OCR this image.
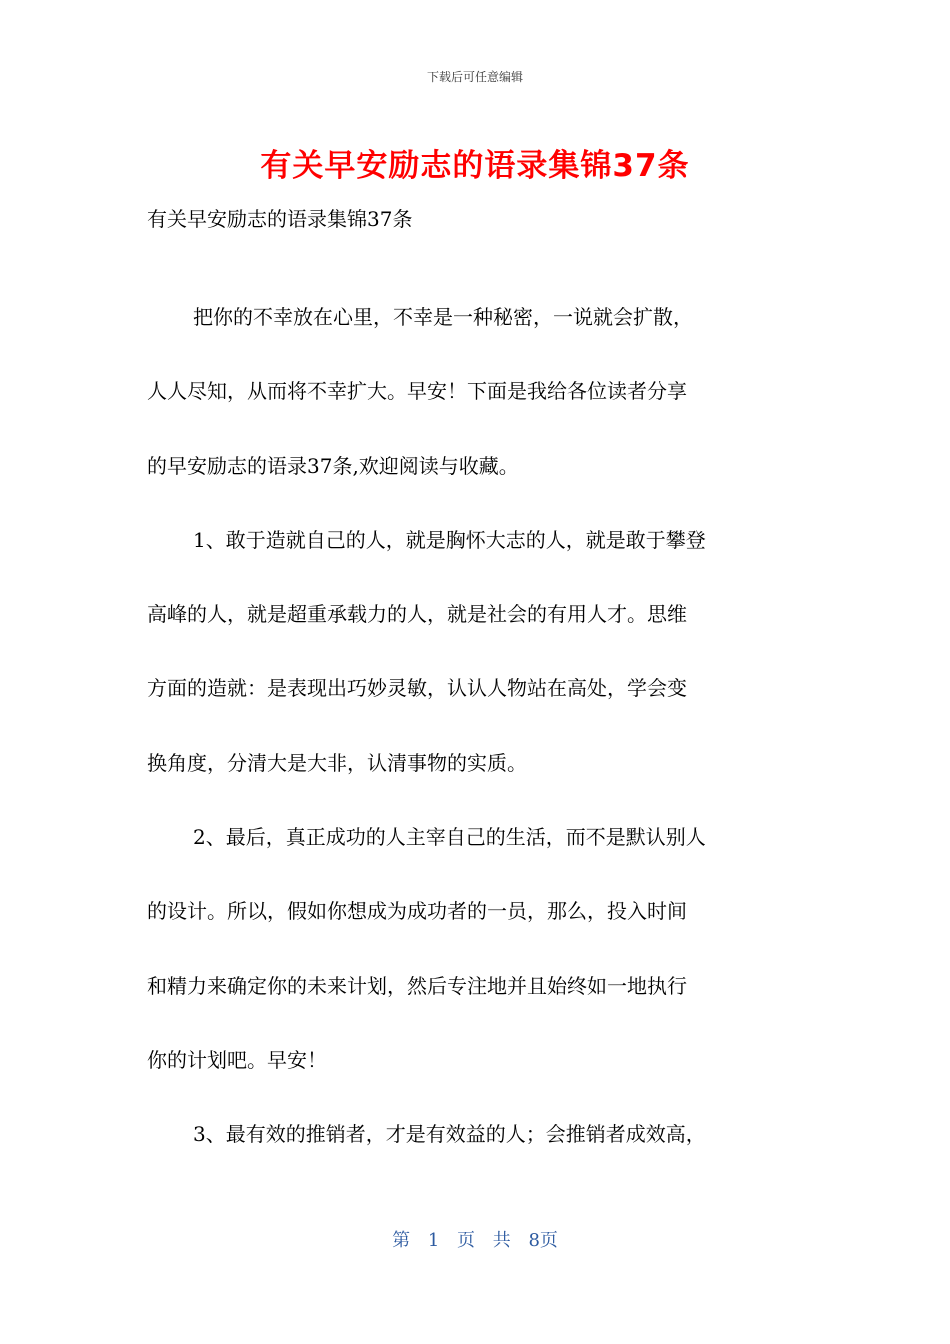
下载后可任意编辑
有关早安励志的语录集锦37条
有关早安励志的语录集锦37条

把你的不幸放在心里，不幸是一种秘密，一说就会扩散，
人人尽知，从而将不幸扩大。早安！下面是我给各位读者分享
的早安励志的语录37条,欢迎阅读与收藏。

1、敢于造就自己的人，就是胸怀大志的人，就是敢于攀登
高峰的人，就是超重承载力的人，就是社会的有用人才。思维
方面的造就：是表现出巧妙灵敏，认认人物站在高处，学会变
换角度，分清大是大非，认清事物的实质。

2、最后，真正成功的人主宰自己的生活，而不是默认别人
的设计。所以，假如你想成为成功者的一员，那么，投入时间
和精力来确定你的未来计划，然后专注地并且始终如一地执行
你的计划吧。早安！

3、最有效的推销者，才是有效益的人；会推销者成效高，

第 1 页 共 8页
